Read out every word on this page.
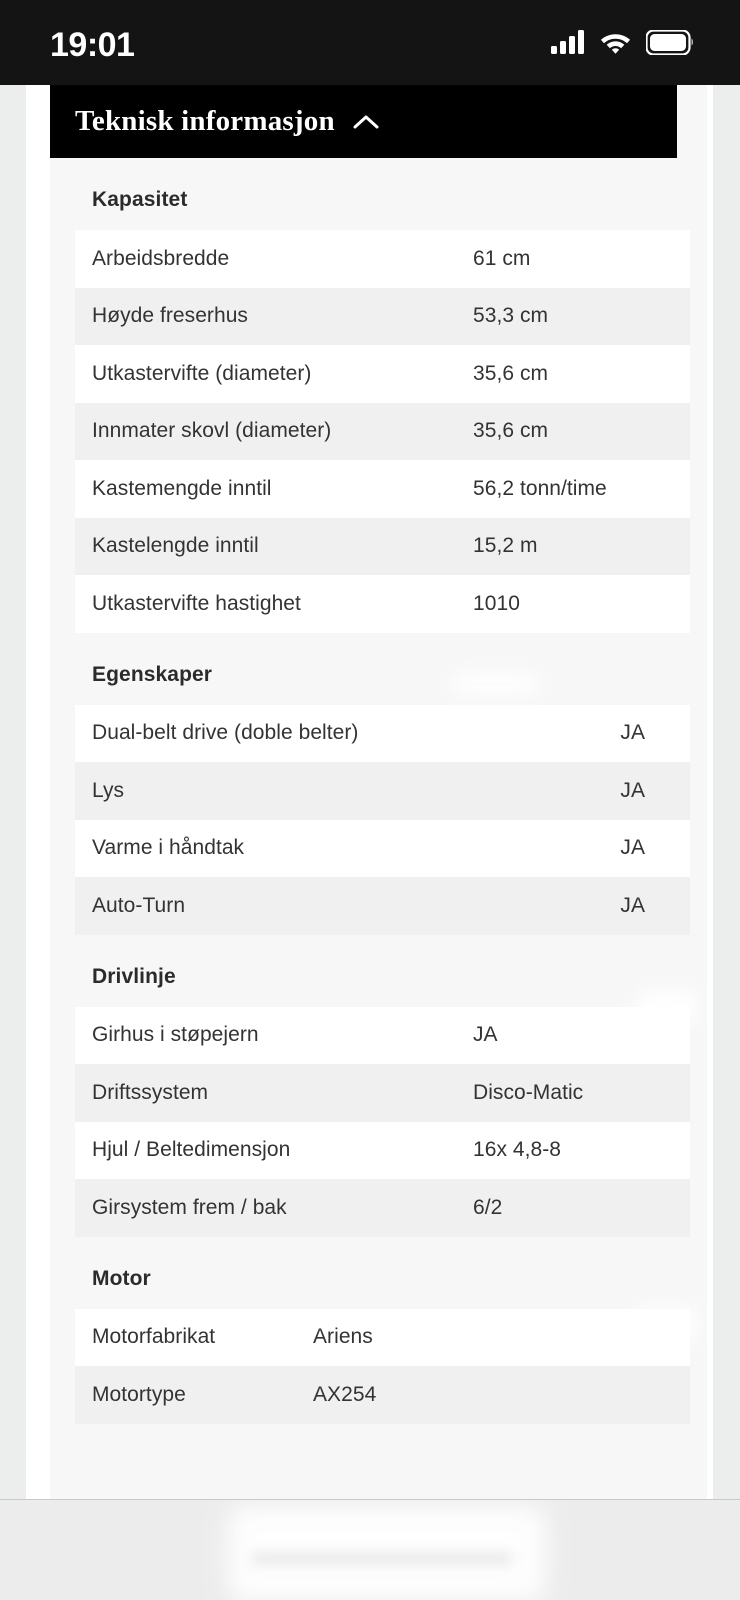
19:01
Teknisk informasjon
Kapasitet
Arbeidsbredde	61 cm
Høyde freserhus	53,3 cm
Utkastervifte (diameter)	35,6 cm
Innmater skovl (diameter)	35,6 cm
Kastemengde inntil	56,2 tonn/time
Kastelengde inntil	15,2 m
Utkastervifte hastighet	1010
Egenskaper
Dual-belt drive (doble belter)	JA
Lys	JA
Varme i håndtak	JA
Auto-Turn	JA
Drivlinje
Girhus i støpejern	JA
Driftssystem	Disco-Matic
Hjul / Beltedimensjon	16x 4,8-8
Girsystem frem / bak	6/2
Motor
Motorfabrikat	Ariens
Motortype	AX254
